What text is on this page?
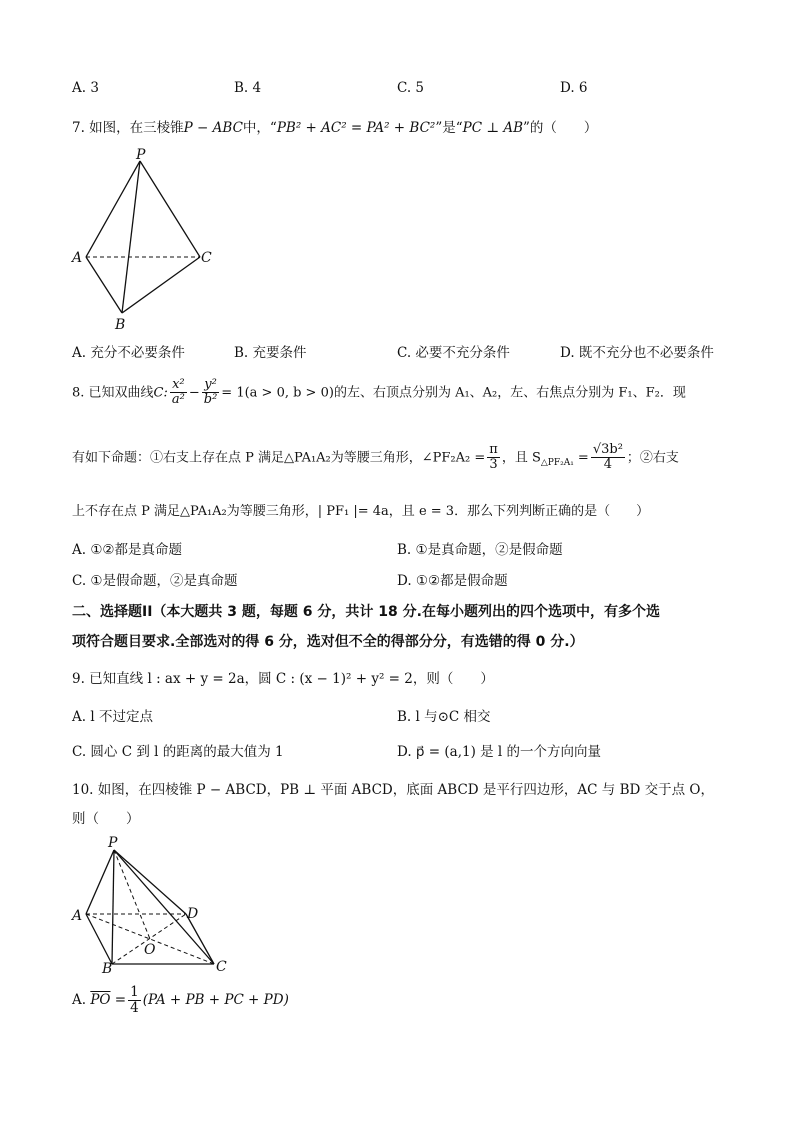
A. 3	B. 4	C. 5	D. 6
7. 如图，在三棱锥P − ABC中，“PB² + AC² = PA² + BC²”是“PC ⊥ AB”的（　　）
P
A	C
B
A. 充分不必要条件	B. 充要条件	C. 必要不充分条件	D. 既不充分也不必要条件
8. 已知双曲线C: $\frac{\text{x²}}{\text{a²}} - \frac{\text{y²}}{\text{b²}} = 1(a > 0$, b > 0)的左、右顶点分别为 A₁、A₂，左、右焦点分别为 F₁、F₂．现
有如下命题：①右支上存在点 P 满足△PA₁A₂为等腰三角形，∠PF₂A₂ = $\frac{\pi}{3}$ ，且 $S_{\triangle PF_2A_1} = \frac{\text{√3b²}}{4}$ ；②右支
上不存在点 P 满足△PA₁A₂为等腰三角形，| PF₁ |= 4a，且 e = 3．那么下列判断正确的是（　　）
A. ①②都是真命题	B. ①是真命题，②是假命题
C. ①是假命题，②是真命题	D. ①②都是假命题
二、选择题II（本大题共 3 题，每题 6 分，共计 18 分.在每小题列出的四个选项中，有多个选
项符合题目要求.全部选对的得 6 分，选对但不全的得部分分，有选错的得 0 分.）
9. 已知直线 l : ax + y = 2a，圆 C : (x − 1)² + y² = 2，则（　　）
A. l 不过定点	B. l 与⊙C 相交
C. 圆心 C 到 l 的距离的最大值为 1	D. p⃗ = (a,1) 是 l 的一个方向向量
10. 如图，在四棱锥 P − ABCD，PB ⊥ 平面 ABCD，底面 ABCD 是平行四边形，AC 与 BD 交于点 O，
则（　　）
P
A	D
O
B	C
A. $\overline{PO} = \frac{1}{4} (PA$ + PB + PC + PD)
